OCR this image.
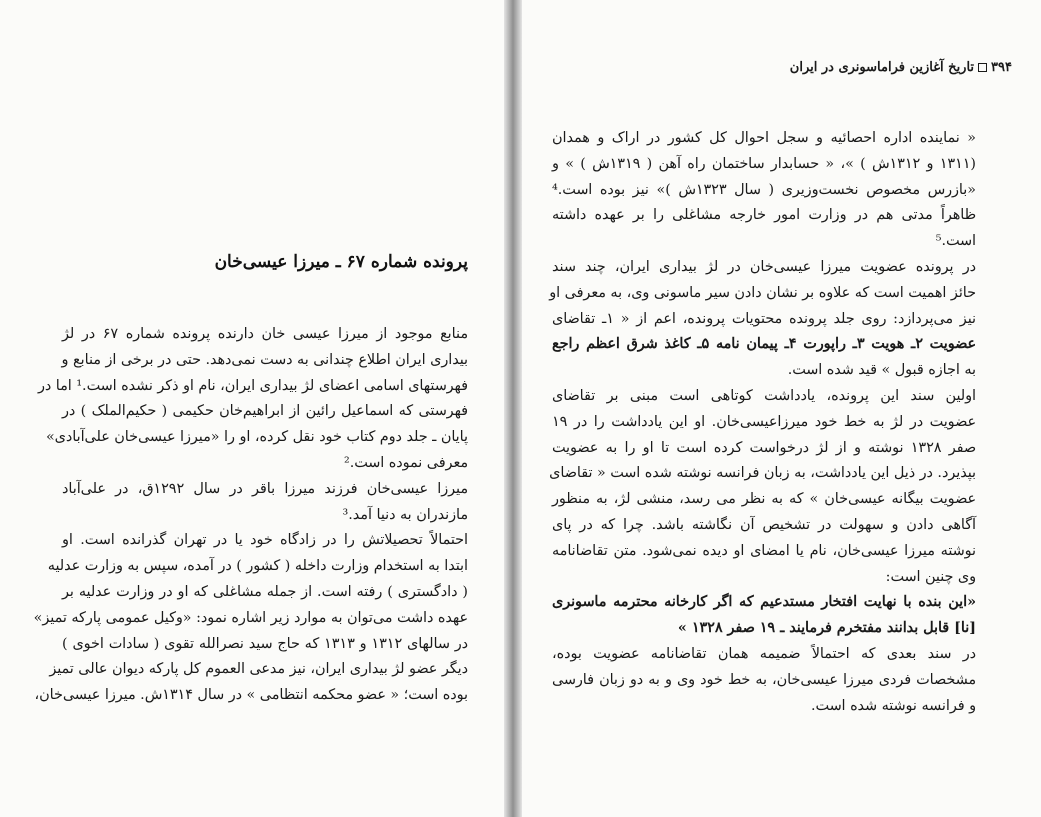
پرونده شماره ۶۷ ـ میرزا عیسی‌خان
منابع موجود از میرزا عیسی خان دارنده پرونده شماره ۶۷ در لژ
بیداری ایران اطلاع چندانی به دست نمی‌دهد. حتی در برخی از منابع و
فهرستهای اسامی اعضای لژ بیداری ایران، نام او ذکر نشده است.¹ اما در
فهرستی که اسماعیل رائین از ابراهیم‌خان حکیمی ( حکیم‌الملک ) در
پایان ـ جلد دوم کتاب خود نقل کرده، او را «میرزا عیسی‌خان علی‌آبادی»
معرفی نموده است.²
میرزا عیسی‌خان فرزند میرزا باقر در سال ۱۲۹۲ق، در علی‌آباد
مازندران به دنیا آمد.³
احتمالاً تحصیلاتش را در زادگاه خود یا در تهران گذرانده است. او
ابتدا به استخدام وزارت داخله ( کشور ) در آمده، سپس به وزارت عدلیه
( دادگستری ) رفته است. از جمله مشاغلی که او در وزارت عدلیه بر
عهده داشت می‌توان به موارد زیر اشاره نمود: «وکیل عمومی پارکه تمیز»
در سالهای ۱۳۱۲ و ۱۳۱۳ که حاج سید نصرالله تقوی ( سادات اخوی )
دیگر عضو لژ بیداری ایران، نیز مدعی العموم کل پارکه دیوان عالی تمیز
بوده است؛ « عضو محکمه انتظامی » در سال ۱۳۱۴ش. میرزا عیسی‌خان،
۳۹۴تاریخ آغازین فراماسونری در ایران
« نماینده اداره احصائیه و سجل احوال کل کشور در اراک و همدان
(۱۳۱۱ و ۱۳۱۲ش ) »، « حسابدار ساختمان راه آهن ( ۱۳۱۹ش ) » و
«بازرس مخصوص نخست‌وزیری ( سال ۱۳۲۳ش )» نیز بوده است.⁴
ظاهراً مدتی هم در وزارت امور خارجه مشاغلی را بر عهده داشته
است.⁵
در پرونده عضویت میرزا عیسی‌خان در لژ بیداری ایران، چند سند
حائز اهمیت است که علاوه بر نشان دادن سیر ماسونی وی، به معرفی او
نیز می‌پردازد: روی جلد پرونده محتویات پرونده، اعم از « ۱ـ تقاضای
عضویت ۲ـ هویت ۳ـ راپورت ۴ـ پیمان نامه ۵ـ کاغذ شرق اعظم راجع
به اجازه قبول » قید شده است.
اولین سند این پرونده، یادداشت کوتاهی است مبنی بر تقاضای
عضویت در لژ به خط خود میرزاعیسی‌خان. او این یادداشت را در ۱۹
صفر ۱۳۲۸ نوشته و از لژ درخواست کرده است تا او را به عضویت
بپذیرد. در ذیل این یادداشت، به زبان فرانسه نوشته شده است « تقاضای
عضویت بیگانه عیسی‌خان » که به نظر می رسد، منشی لژ، به منظور
آگاهی دادن و سهولت در تشخیص آن نگاشته باشد. چرا که در پای
نوشته میرزا عیسی‌خان، نام یا امضای او دیده نمی‌شود. متن تقاضانامه
وی چنین است:
«این بنده با نهایت افتخار مستدعیم که اگر کارخانه محترمه ماسونری
[نا] قابل بدانند مفتخرم فرمایند ـ ۱۹ صفر ۱۳۲۸ »
در سند بعدی که احتمالاً ضمیمه همان تقاضانامه عضویت بوده،
مشخصات فردی میرزا عیسی‌خان، به خط خود وی و به دو زبان فارسی
و فرانسه نوشته شده است.
